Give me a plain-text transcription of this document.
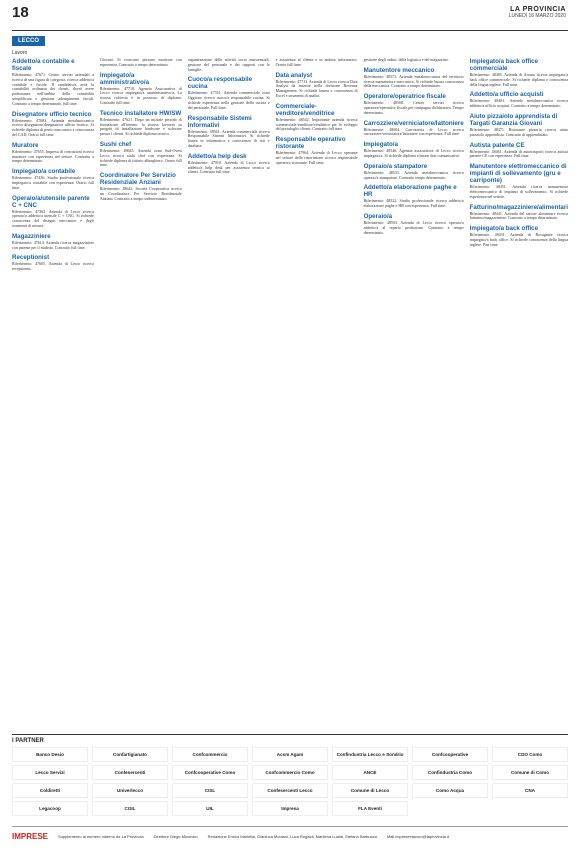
18	LA PROVINCIA
LUNEDÌ 16 MARZO 2020
LECCO
Lavoro
Addetto/a contabile e fiscale

Riferimento: 47671. Centro servizi aziendali a ricerca di una figura di categoria, ricerca addetto/a contabile e fiscale. Il candidato/a avrà la contabilità ordinaria dei clienti, dovrà avere padronanza nell'ambito della contabilità semplificata e gestione adempimenti fiscali. Contratto a tempo determinato, full time.

Disegnatore ufficio tecnico

Riferimento: 47683. Azienda metalmeccanica ricerca disegnatore/disegnatrice ufficio tecnico. Si richiede diploma di perito meccanico e conoscenza del CAD. Orario full time.

Muratore

Riferimento: 47655. Impresa di costruzioni ricerca muratore con esperienza nel settore. Contratto a tempo determinato.

Impiegato/a contabile

Riferimento: 47436. Studio professionale ricerca impiegato/a contabile con esperienza. Orario full time.

Operaio/a/utensile parente C + CNC

Riferimento: 47362. Azienda di Lecco ricerca operaio/a addetto/a utensile C + CNC. Si richiede conoscenza del disegno meccanico e degli strumenti di misura.

Magazziniere

Riferimento: 47614. Azienda ricerca magazziniere con patente per il muletto. Contratto full time.

Receptionist

Riferimento: 47605. Azienda di Lecco ricerca receptionist.

Giovani. Si ricercano persone motivate con esperienza. Contratto a tempo determinato.

Impiegato/a amministrativo/a

Riferimento: 47718. Agenzia Assicurativa di Lecco ricerca impiegato/a amministrativo/a. La risorsa richiesta è in possesso di diploma. Contratto full time.

Tecnico installatore HW/SW

Riferimento: 47621. Dopo un iniziale periodo di formazione all'interno, la risorsa lavorerà su progetti di installazione hardware e software presso i clienti. Si richiede diploma tecnico.

Sushi chef

Riferimento: 48645. Azienda zona Sud-Ovest Lecco ricerca sushi chef con esperienza. Si richiede diploma di istituto alberghiero. Orario full time.

Coordinatore Per Servizio Residenziale Anziani

Riferimento: 48642. Società Cooperativa ricerca un Coordinatore Per Servizio Residenziale Anziani. Contratto a tempo indeterminato.

organizzazione delle attività socio assistenziali, gestione del personale e dei rapporti con le famiglie.

Cuoco/a responsabile cucina

Riferimento: 47761. Azienda commerciale zona Oggiono ricerca cuoco/a responsabile cucina. Si richiede esperienza nella gestione della cucina e del personale. Full time.

Responsabile Sistemi Informativi

Riferimento: 48561. Azienda commerciale ricerca Responsabile Sistemi Informativi. Si richiede laurea in informatica e conoscenza di reti e database.

Addetto/a help desk

Riferimento: 47910. Azienda di Lecco ricerca addetto/a help desk per assistenza tecnica ai clienti. Contratto full time.

e assistenza al cliente e in ambito informatico. Orario full time.

Data analyst

Riferimento: 47713. Azienda di Lecco ricerca Data Analyst da inserire nella divisione Revenue Management. Si richiede laurea e conoscenza di Excel e strumenti di analisi.

Commerciale-venditore/venditrice

Riferimento: 48542. Importante azienda ricerca commerciale-venditore/venditrice per lo sviluppo del portafoglio clienti. Contratto full time.

Responsabile operativo ristorante

Riferimento: 47964. Azienda di Lecco operante nel settore della ristorazione ricerca responsabile operativo ristorante. Full time.

gestione degli ordini, della logistica e del magazzino.

Manutentore meccanico

Riferimento: 48573. Azienda metalmeccanica del territorio ricerca manutentore meccanico. Si richiede buona conoscenza della meccanica. Contratto a tempo determinato.

Operatore/operatrice fiscale

Riferimento: 48568. Centro servizi ricerca operatore/operatrice fiscale per campagna dichiarativa. Tempo determinato.

Carrozziere/verniciatore/lattoniere

Riferimento: 48604. Carrozzeria di Lecco ricerca carrozziere/verniciatore/lattoniere con esperienza. Full time.

Impiegato/a

Riferimento: 48546. Agenzia assicurativa di Lecco ricerca impiegato/a. Si richiede diploma e buone doti comunicative.

Operaio/a stampatore

Riferimento: 48533. Azienda metalmeccanica ricerca operaio/a stampatore. Contratto tempo determinato.

Addetto/a elaborazione paghe e HR

Riferimento: 48522. Studio professionale ricerca addetto/a elaborazione paghe e HR con esperienza. Full time.

Operaio/a

Riferimento: 48503. Azienda di Lecco ricerca operaio/a addetto/a al reparto produzione. Contratto a tempo determinato.

Impiegato/a back office commerciale

Riferimento: 48485. Azienda di Airuno ricerca impiegato/a back office commerciale. Si richiede diploma e conoscenza della lingua inglese. Full time.

Addetto/a ufficio acquisti

Riferimento: 48481. Azienda metalmeccanica ricerca addetto/a ufficio acquisti. Contratto a tempo determinato.

Aiuto pizzaiolo apprendista di Targati Garanzia Giovani

Riferimento: 48471. Ristorante pizzeria ricerca aiuto pizzaiolo apprendista. Contratto di apprendistato.

Autista patente CE

Riferimento: 48461. Azienda di autotrasporti ricerca autista patente CE con esperienza. Full time.

Manutentore elettromeccanico di impianti di sollevamento (gru e carriponte)

Riferimento: 48451. Azienda ricerca manutentore elettromeccanico di impianti di sollevamento. Si richiede esperienza nel settore.

Fatturino/magazziniere/alimentari

Riferimento: 48441. Azienda del settore alimentare ricerca fatturino/magazziniere. Contratto a tempo determinato.

Impiegato/a back office

Riferimento: 48431. Azienda di Rovagnate ricerca impiegato/a back office. Si richiede conoscenza della lingua inglese. Part time.

I PARTNER
Banco Desio	Confartigianato	Confcommercio	Acsm Agam	Confindustria Lecco e Sondrio	Confcooperative	CDO Como
Lecco Servizi	Confesercenti	Confcooperative Como	Confcommercio Como	ANCE	Confindustria Como	Comune di Como
Coldiretti	Univerlecco	CISL	Confesercenti Lecco	Comune di Lecco	Como Acqua	CNA
Legacoop	CGIL	UIL	Impresa	FLA Eventi
IMPRESE	Supplemento al numero odierno de La Provincia	Direttore Diego Minonzio	Redazione Enrico Marletta, Gianluca Morassi, Luca Rogaldi, Marilena Lualdi, Stefano Barbusca	Mail impreseelavoro@laprovincia.it
